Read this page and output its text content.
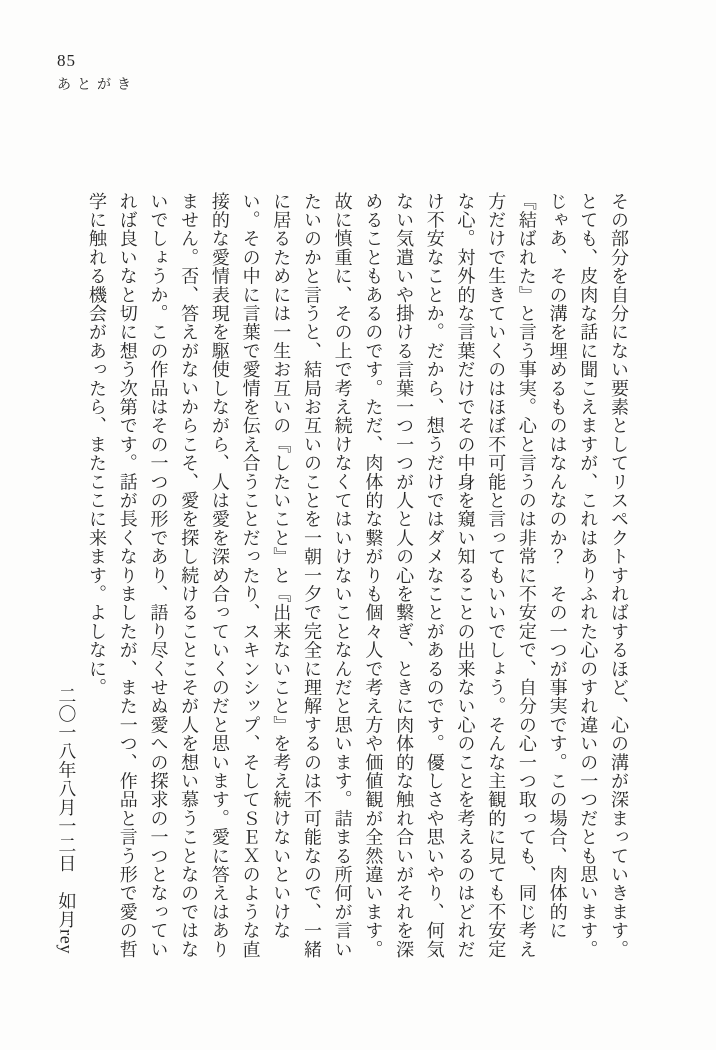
85
あとがき

その部分を自分にない要素としてリスペクトすればするほど、心の溝が深まっていきます。

とても、皮肉な話に聞こえますが、これはありふれた心のすれ違いの一つだとも思います。

じゃあ、その溝を埋めるものはなんなのか？　その一つが事実です。この場合、肉体的に

『結ばれた』と言う事実。心と言うのは非常に不安定で、自分の心一つ取っても、同じ考え

方だけで生きていくのはほぼ不可能と言ってもいいでしょう。そんな主観的に見ても不安定

な心。対外的な言葉だけでその中身を窺い知ることの出来ない心のことを考えるのはどれだ

け不安なことか。だから、想うだけではダメなことがあるのです。優しさや思いやり、何気

ない気遣いや掛ける言葉一つ一つが人と人の心を繋ぎ、ときに肉体的な触れ合いがそれを深

めることもあるのです。ただ、肉体的な繋がりも個々人で考え方や価値観が全然違います。

故に慎重に、その上で考え続けなくてはいけないことなんだと思います。詰まる所何が言い

たいのかと言うと、結局お互いのことを一朝一夕で完全に理解するのは不可能なので、一緒

に居るためには一生お互いの『したいこと』と『出来ないこと』を考え続けないといけな

い。その中に言葉で愛情を伝え合うことだったり、スキンシップ、そしてＳＥＸのような直

接的な愛情表現を駆使しながら、人は愛を深め合っていくのだと思います。愛に答えはあり

ません。否、答えがないからこそ、愛を探し続けることこそが人を想い慕うことなのではな

いでしょうか。この作品はその一つの形であり、語り尽くせぬ愛への探求の一つとなってい

れば良いなと切に想う次第です。話が長くなりましたが、また一つ、作品と言う形で愛の哲

学に触れる機会があったら、またここに来ます。よしなに。

二〇一八年八月一二日　如月rey
